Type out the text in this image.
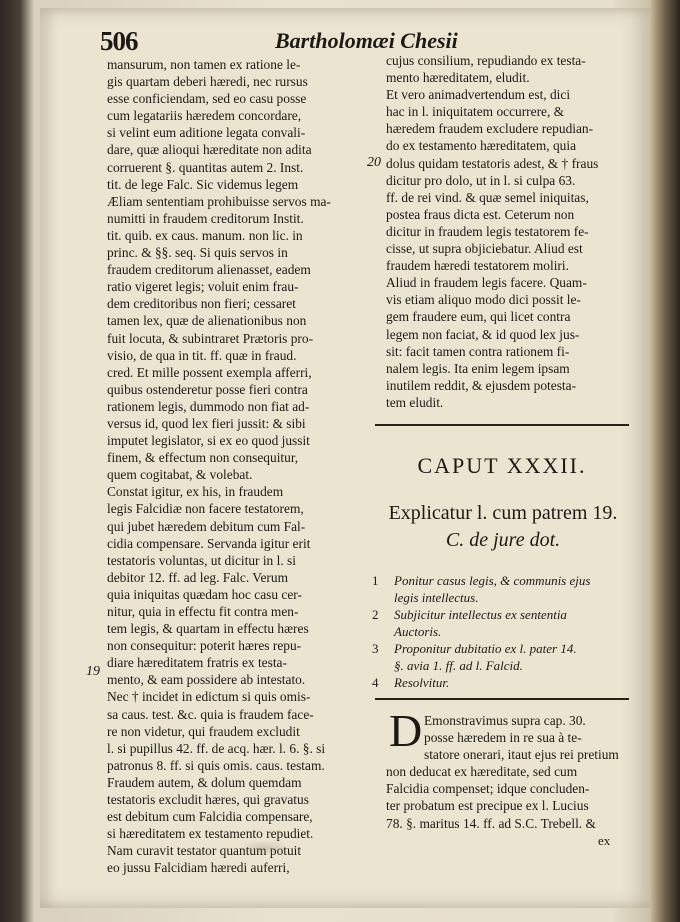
506	Bartholomæi Chesii
mansurum, non tamen ex ratione le-
gis quartam deberi hæredi, nec rursus
esse conficiendam, sed eo casu posse
cum legatariis hæredem concordare,
si velint eum aditione legata convali-
dare, quæ alioqui hæreditate non adita
corruerent §. quantitas autem 2. Inst.
tit. de lege Falc. Sic videmus legem
Æliam sententiam prohibuisse servos ma-
numitti in fraudem creditorum Instit.
tit. quib. ex caus. manum. non lic. in
princ. & §§. seq. Si quis servos in
fraudem creditorum alienasset, eadem
ratio vigeret legis; voluit enim frau-
dem creditoribus non fieri; cessaret
tamen lex, quæ de alienationibus non
fuit locuta, & subintraret Prætoris pro-
visio, de qua in tit. ff. quæ in fraud.
cred. Et mille possent exempla afferri,
quibus ostenderetur posse fieri contra
rationem legis, dummodo non fiat ad-
versus id, quod lex fieri jussit: & sibi
imputet legislator, si ex eo quod jussit
finem, & effectum non consequitur,
quem cogitabat, & volebat.
Constat igitur, ex his, in fraudem
legis Falcidiæ non facere testatorem,
qui jubet hæredem debitum cum Fal-
cidia compensare. Servanda igitur erit
testatoris voluntas, ut dicitur in l. si
debitor 12. ff. ad leg. Falc. Verum
quia iniquitas quædam hoc casu cer-
nitur, quia in effectu fit contra men-
tem legis, & quartam in effectu hæres
non consequitur: poterit hæres repu-
diare hæreditatem fratris ex testa-
mento, & eam possidere ab intestato.
Nec † incidet in edictum si quis omis-
sa caus. test. &c. quia is fraudem face-
re non videtur, qui fraudem excludit
l. si pupillus 42. ff. de acq. hær. l. 6. §. si
patronus 8. ff. si quis omis. caus. testam.
Fraudem autem, & dolum quemdam
testatoris excludit hæres, qui gravatus
est debitum cum Falcidia compensare,
si hæreditatem ex testamento repudiet.
Nam curavit testator quantum potuit
eo jussu Falcidiam hæredi auferri,
19
cujus consilium, repudiando ex testa-
mento hæreditatem, eludit.
Et vero animadvertendum est, dici
hac in l. iniquitatem occurrere, &
hæredem fraudem excludere repudian-
do ex testamento hæreditatem, quia
dolus quidam testatoris adest, & † fraus
dicitur pro dolo, ut in l. si culpa 63.
ff. de rei vind. & quæ semel iniquitas,
postea fraus dicta est. Ceterum non
dicitur in fraudem legis testatorem fe-
cisse, ut supra objiciebatur. Aliud est
fraudem hæredi testatorem moliri.
Aliud in fraudem legis facere. Quam-
vis etiam aliquo modo dici possit le-
gem fraudere eum, qui licet contra
legem non faciat, & id quod lex jus-
sit: facit tamen contra rationem fi-
nalem legis. Ita enim legem ipsam
inutilem reddit, & ejusdem potesta-
tem eludit.
20
CAPUT XXXII.
Explicatur l. cum patrem 19.
C. de jure dot.
1 Ponitur casus legis, & communis ejus
legis intellectus.
2 Subjicitur intellectus ex sententia
Auctoris.
3 Proponitur dubitatio ex l. pater 14.
§. avia 1. ff. ad l. Falcid.
4 Resolvitur.
D Emonstravimus supra cap. 30.
posse hæredem in re sua à te-
statore onerari, itaut ejus rei pretium
non deducat ex hæreditate, sed cum
Falcidia compenset; idque concluden-
ter probatum est precipue ex l. Lucius
78. §. maritus 14. ff. ad S.C. Trebell. &
ex
